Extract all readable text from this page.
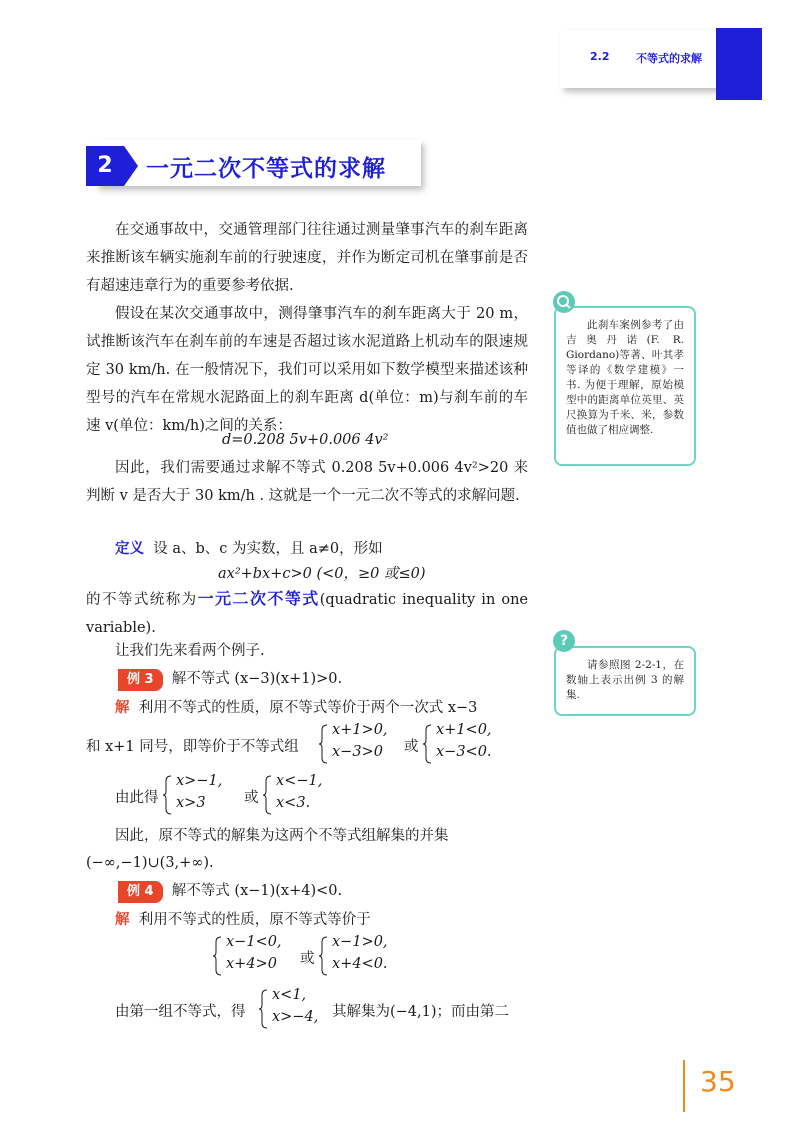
2.2 不等式的求解
2	一元二次不等式的求解
在交通事故中，交通管理部门往往通过测量肇事汽车的刹车距离来推断该车辆实施刹车前的行驶速度，并作为断定司机在肇事前是否有超速违章行为的重要参考依据.
假设在某次交通事故中，测得肇事汽车的刹车距离大于 20 m，试推断该汽车在刹车前的车速是否超过该水泥道路上机动车的限速规定 30 km/h. 在一般情况下，我们可以采用如下数学模型来描述该种型号的汽车在常规水泥路面上的刹车距离 d(单位：m)与刹车前的车速 v(单位：km/h)之间的关系：
d=0.208 5v+0.006 4v²
因此，我们需要通过求解不等式 0.208 5v+0.006 4v²>20 来判断 v 是否大于 30 km/h . 这就是一个一元二次不等式的求解问题.
定义 设 a、b、c 为实数，且 a≠0，形如
ax²+bx+c>0 (<0，≥0 或≤0)
的不等式统称为一元二次不等式(quadratic inequality in one variable).
让我们先来看两个例子.
例 3 解不等式 (x−3)(x+1)>0.
解 利用不等式的性质，原不等式等价于两个一次式 x−3
和 x+1 同号，即等价于不等式组
x+1>0,
x−3>0 或
x+1<0,
x−3<0.
由此得
x>−1,
x>3	或
x<−1,
x<3.
因此，原不等式的解集为这两个不等式组解集的并集
(−∞,−1)∪(3,+∞).
例 4 解不等式 (x−1)(x+4)<0.
解 利用不等式的性质，原不等式等价于
x−1<0,
x+4>0 或
x−1>0,
x+4<0.
由第一组不等式，得
x<1,
x>−4, 其解集为(−4,1)；而由第二
此刹车案例参考了由吉奥丹诺(F. R. Giordano)等著、叶其孝等译的《数学建模》一书. 为便于理解，原始模型中的距离单位英里、英尺换算为千米、米，参数值也做了相应调整.
?
请参照图 2-2-1，在数轴上表示出例 3 的解集.
35
